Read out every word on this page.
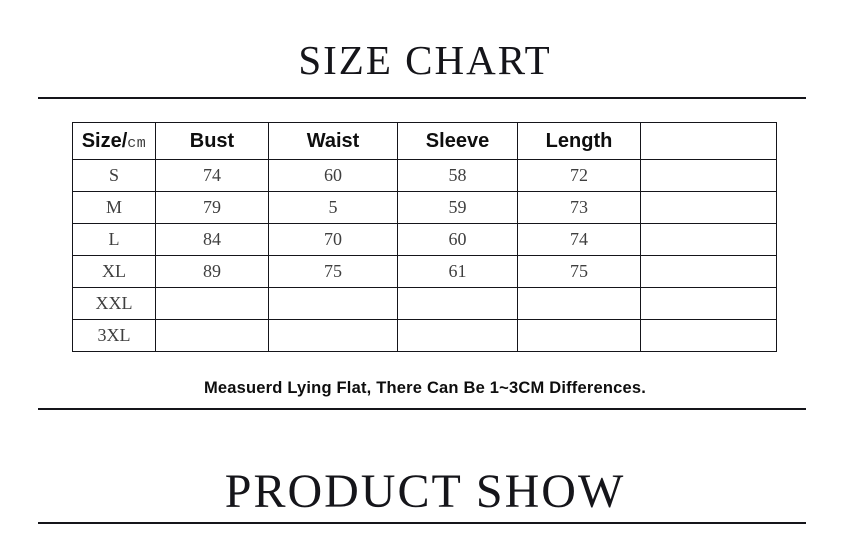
SIZE CHART
Size/cm	Bust	Waist	Sleeve	Length	
S	74	60	58	72	
M	79	5	59	73	
L	84	70	60	74	
XL	89	75	61	75	
XXL					
3XL					
Measuerd Lying Flat, There Can Be 1~3CM Differences.
PRODUCT SHOW
